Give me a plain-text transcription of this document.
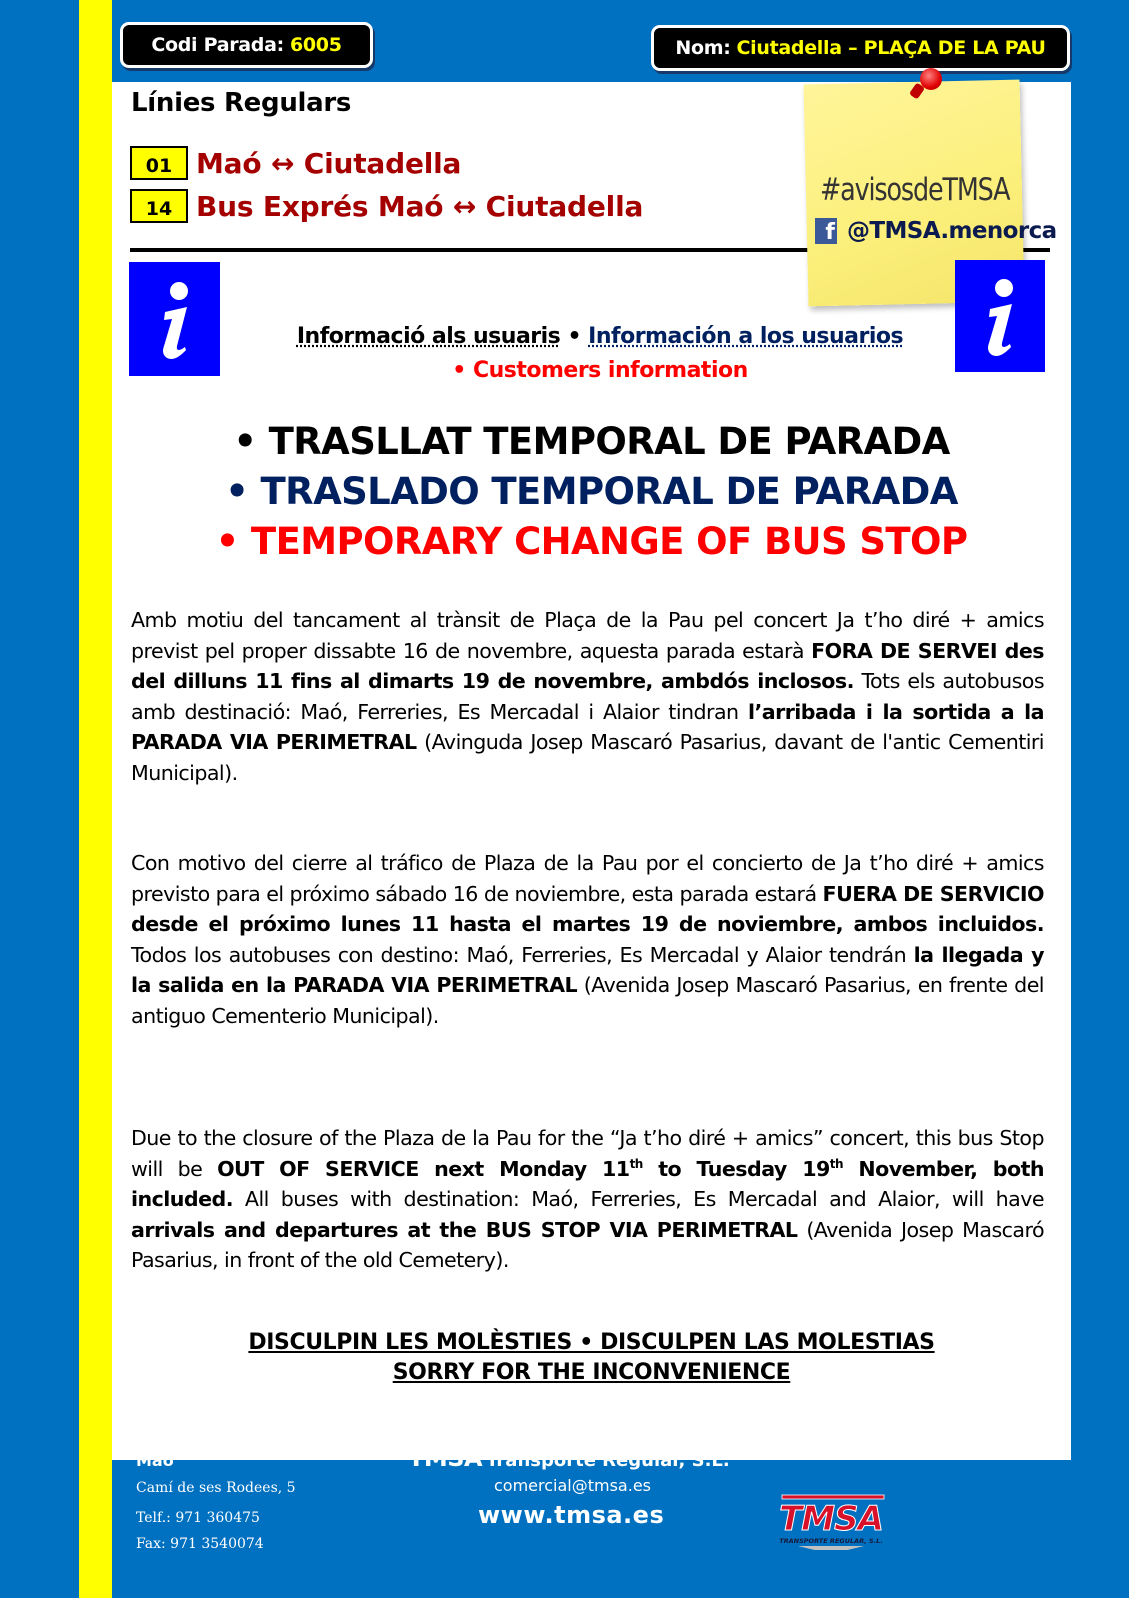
Codi Parada: 6005	Nom: Ciutadella – PLAÇA DE LA PAU
Línies Regulars
01 Maó ↔ Ciutadella
14 Bus Exprés Maó ↔ Ciutadella	#avisosdeTMSA
f @TMSA.menorca
Informació als usuaris • Información a los usuarios
• Customers information
• TRASLLAT TEMPORAL DE PARADA
• TRASLADO TEMPORAL DE PARADA
• TEMPORARY CHANGE OF BUS STOP
Amb motiu del tancament al trànsit de Plaça de la Pau pel concert Ja t’ho diré + amics previst pel proper dissabte 16 de novembre, aquesta parada estarà FORA DE SERVEI des del dilluns 11 fins al dimarts 19 de novembre, ambdós inclosos. Tots els autobusos amb destinació: Maó, Ferreries, Es Mercadal i Alaior tindran l’arribada i la sortida a la PARADA VIA PERIMETRAL (Avinguda Josep Mascaró Pasarius, davant de l'antic Cementiri Municipal).
Con motivo del cierre al tráfico de Plaza de la Pau por el concierto de Ja t’ho diré + amics previsto para el próximo sábado 16 de noviembre, esta parada estará FUERA DE SERVICIO desde el próximo lunes 11 hasta el martes 19 de noviembre, ambos incluidos. Todos los autobuses con destino: Maó, Ferreries, Es Mercadal y Alaior tendrán la llegada y la salida en la PARADA VIA PERIMETRAL (Avenida Josep Mascaró Pasarius, en frente del antiguo Cementerio Municipal).
Due to the closure of the Plaza de la Pau for the “Ja t’ho diré + amics” concert, this bus Stop will be OUT OF SERVICE next Monday 11th to Tuesday 19th November, both included. All buses with destination: Maó, Ferreries, Es Mercadal and Alaior, will have arrivals and departures at the BUS STOP VIA PERIMETRAL (Avenida Josep Mascaró Pasarius, in front of the old Cemetery).
DISCULPIN LES MOLÈSTIES • DISCULPEN LAS MOLESTIAS
SORRY FOR THE INCONVENIENCE
Maó
Camí de ses Rodees, 5
Telf.: 971 360475
Fax: 971 3540074
TMSA Transporte Regular, S.L.
comercial@tmsa.es
www.tmsa.es	TMSA
TRANSPORTE REGULAR, S.L.
